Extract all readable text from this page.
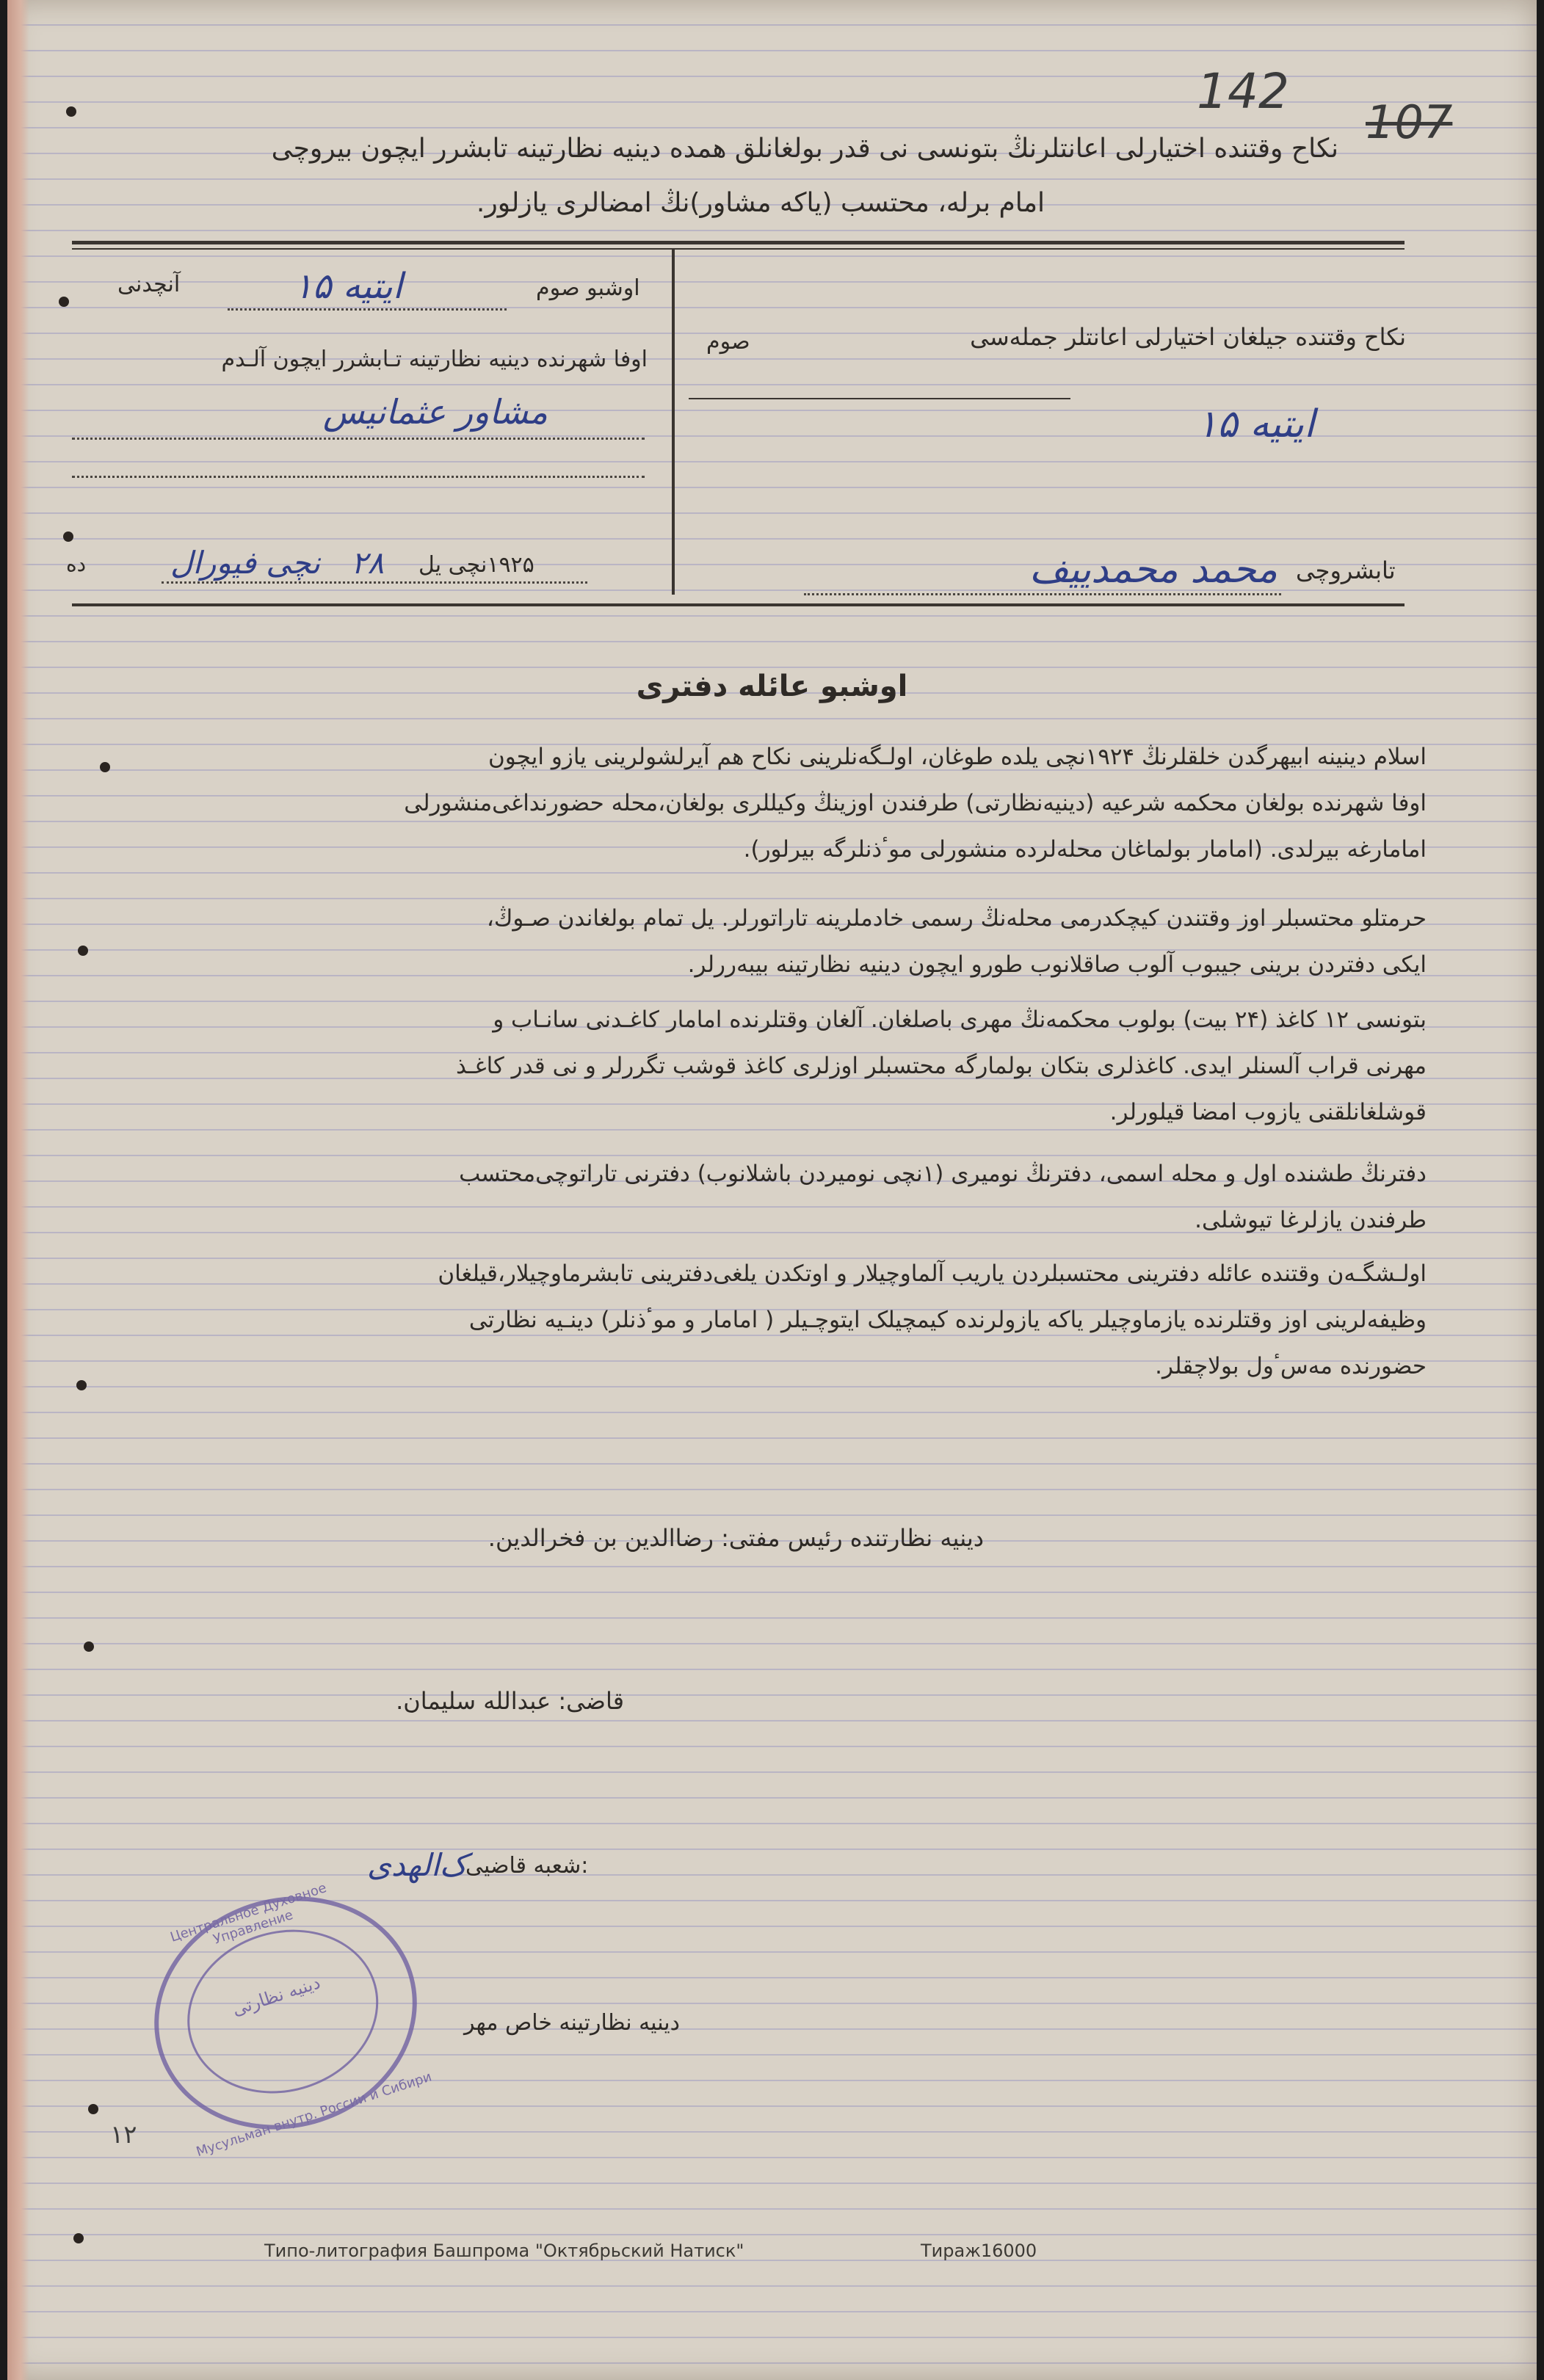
142
107
نکاح وقتنده اختیارلی اعانتلرنڭ بتونسی نی قدر بولغانلق همده دینیه نظارتینه تابشرر ایچون بیروچی
امام برله، محتسب (یاکه مشاور)نڭ امضالری یازلور.
آنچدنی	۱۵ ایتیه	اوشبو صوم
اوفا شهرنده دینیه نظارتینه تـابشرر ایچون آلـدم
مشاور عثمانیس
ده	نچی فیورال ۲۸ ۱۹۲۵نچی یل
نکاح وقتنده جیلغان اختیارلی اعانتلر جملەسی
صوم
۱۵ ایتیه
تابشروچی
محمد محمدییف
اوشبو عائله دفتری
اسلام دینینه ابیهرگدن خلقلرنڭ ۱۹۲۴نچی یلده طوغان، اولـگەنلرینی نکاح هم آیرلشولرینی یازو ایچون
اوفا شهرنده بولغان محکمه شرعیه (دینیه‌نظارتی) طرفندن اوزینڭ وکیللری بولغان،محله حضورنداغی‌منشورلی
امامارغه بیرلدی. (امامار بولماغان محلەلرده منشورلی موٴذنلرگه بیرلور).
حرمتلو محتسبلر اوز وقتندن کیچکدرمی محلەنڭ رسمی خادملرینه تاراتورلر. یل تمام بولغاندن صـوڭ،
ایکی دفتردن برینی جیبوب آلوب صاقلانوب طورو ایچون دینیه نظارتینه بیبەررلر.
بتونسی ۱۲ کاغذ (۲۴ بیت) بولوب محکمەنڭ مهری باصلغان. آلغان وقتلرنده امامار کاغـدنی سانـاب و
مهرنی قراب آلسنلر ایدی. کاغذلری بتکان بولمارگه محتسبلر اوزلری کاغذ قوشب تگررلر و نی قدر کاغـذ
قوشلغانلقنی یازوب امضا قیلورلر.
دفترنڭ طشنده اول و محله اسمی، دفترنڭ نومیری (۱نچی نومیردن باشلانوب) دفترنی تاراتوچی‌محتسب
طرفندن یازلرغا تیوشلی.
اولـشگـەن وقتنده عائله دفترینی محتسبلردن یاریب آلماوچیلار و اوتکدن یلغی‌دفترینی تابشرماوچیلار،قیلغان
وظیفەلرینی اوز وقتلرنده یازماوچیلر یاکه یازولرنده کیمچیلک ایتوچـیلر ( امامار و موٴذنلر) دینـیه نظارتی
حضورنده مەسٴول بولاچقلر.
دینیه نظارتنده رئیس مفتی: رضاالدین بن فخرالدین.
قاضی: عبدالله سلیمان.
شعبه قاضیی:
ک‌الهدی
دینیه نظارتینه خاص مهر
Центральное Духовное Управление
دینیه نظارتی
Мусульман внутр. России и Сибири
۱۲
Типо-литография Башпрома "Октябрьский Натиск"	Тираж16000
